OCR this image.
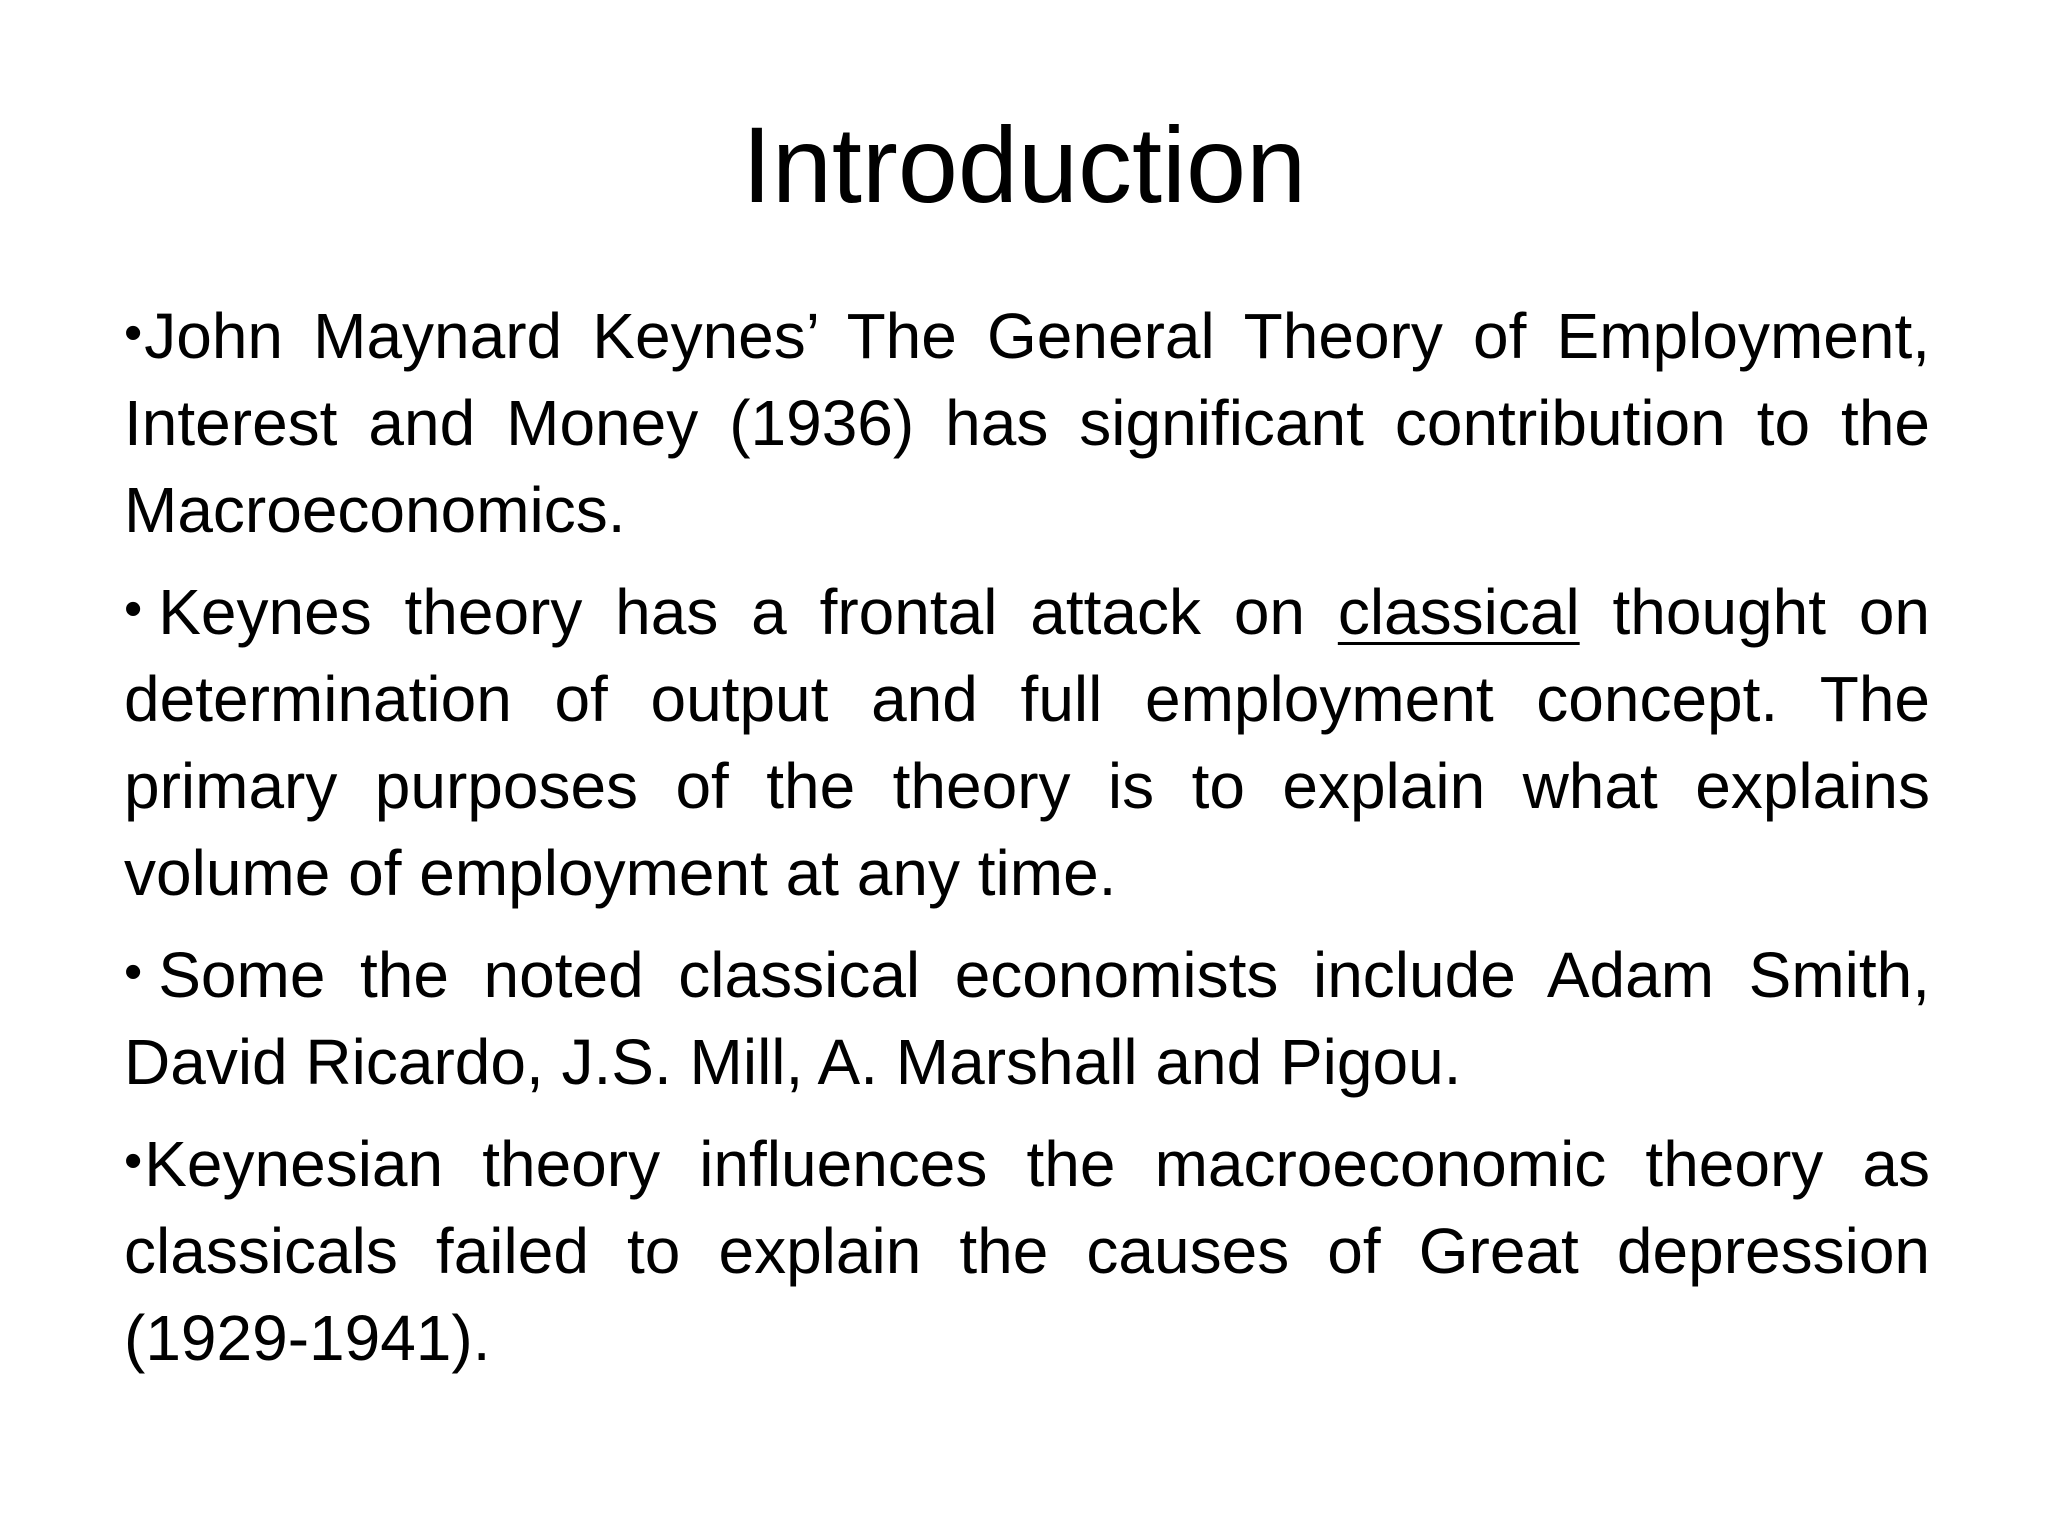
Introduction
•John Maynard Keynes’ The General Theory of Employment, Interest and Money (1936) has significant contribution to the Macroeconomics.
• Keynes theory has a frontal attack on classical thought on determination of output and full employment concept. The primary purposes of the theory is to explain what explains volume of employment at any time.
• Some the noted classical economists include Adam Smith, David Ricardo, J.S. Mill, A. Marshall and Pigou.
•Keynesian theory influences the macroeconomic theory as classicals failed to explain the causes of Great depression (1929-1941).
